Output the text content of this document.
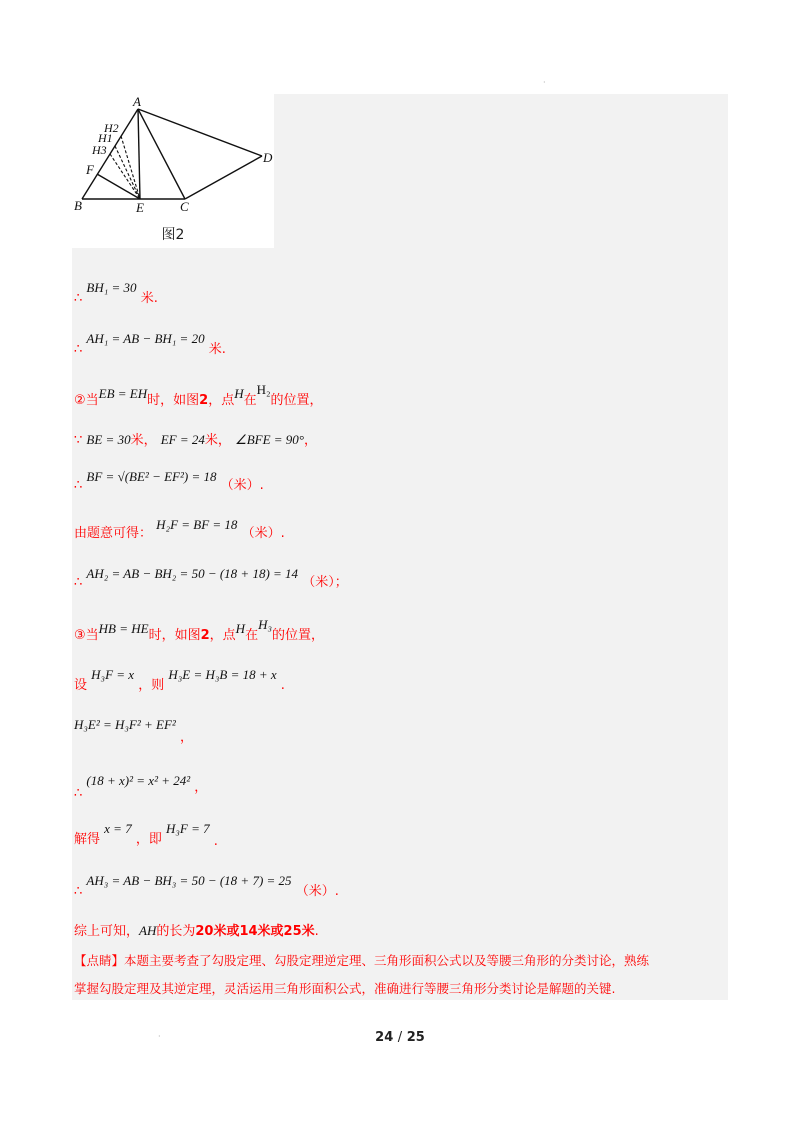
·
A
B	C
D
E
F
H2
H1
H3
图2
∴ BH₁ = 30 米.
∴ AH₁ = AB − BH₁ = 20 米.
②当EB = EH时，如图2，点H在H₂的位置，
∵ BE = 30米， EF = 24米， ∠BFE = 90°，
∴ BF = √(BE² − EF²) = 18 （米）.
由题意可得： H₂F = BF = 18 （米）.
∴ AH₂ = AB − BH₂ = 50 − (18 + 18) = 14 （米）；
③当HB = HE时，如图2，点H在H₃的位置，
设 H₃F = x ，则 H₃E = H₃B = 18 + x .
H₃E² = H₃F² + EF² ，
∴ (18 + x)² = x² + 24² ，
解得 x = 7 ，即 H₃F = 7 .
∴ AH₃ = AB − BH₃ = 50 − (18 + 7) = 25 （米）.
综上可知，AH的长为20米或14米或25米.
【点睛】本题主要考查了勾股定理、勾股定理逆定理、三角形面积公式以及等腰三角形的分类讨论，熟练
掌握勾股定理及其逆定理，灵活运用三角形面积公式，准确进行等腰三角形分类讨论是解题的关键.
·	24 / 25
